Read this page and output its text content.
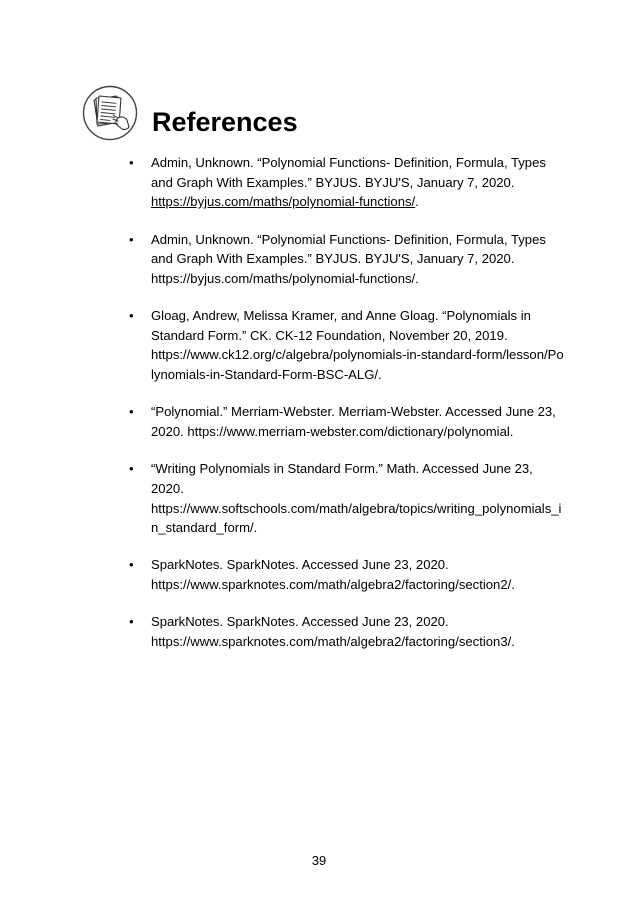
References
• Admin, Unknown. “Polynomial Functions- Definition, Formula, Types and Graph With Examples.” BYJUS. BYJU'S, January 7, 2020.
https://byjus.com/maths/polynomial-functions/.
• Admin, Unknown. “Polynomial Functions- Definition, Formula, Types and Graph With Examples.” BYJUS. BYJU'S, January 7, 2020.
https://byjus.com/maths/polynomial-functions/.
• Gloag, Andrew, Melissa Kramer, and Anne Gloag. “Polynomials in Standard Form.” CK. CK-12 Foundation, November 20, 2019.
https://www.ck12.org/c/algebra/polynomials-in-standard-form/lesson/Polynomials-in-Standard-Form-BSC-ALG/.
• “Polynomial.” Merriam-Webster. Merriam-Webster. Accessed June 23, 2020. https://www.merriam-webster.com/dictionary/polynomial.
• “Writing Polynomials in Standard Form.” Math. Accessed June 23, 2020.
https://www.softschools.com/math/algebra/topics/writing_polynomials_in_standard_form/.
• SparkNotes. SparkNotes. Accessed June 23, 2020.
https://www.sparknotes.com/math/algebra2/factoring/section2/.
• SparkNotes. SparkNotes. Accessed June 23, 2020.
https://www.sparknotes.com/math/algebra2/factoring/section3/.
39
